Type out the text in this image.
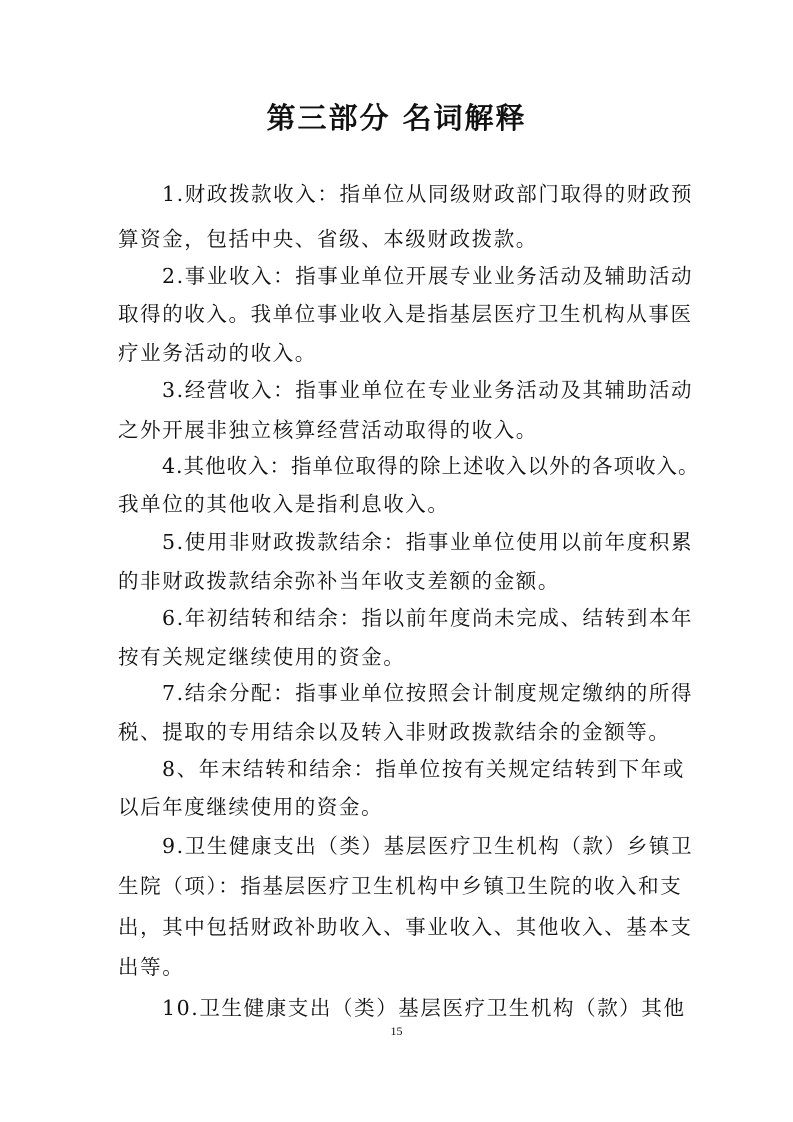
第三部分 名词解释
1.财政拨款收入：指单位从同级财政部门取得的财政预
算资金，包括中央、省级、本级财政拨款。
2.事业收入：指事业单位开展专业业务活动及辅助活动
取得的收入。我单位事业收入是指基层医疗卫生机构从事医
疗业务活动的收入。
3.经营收入：指事业单位在专业业务活动及其辅助活动
之外开展非独立核算经营活动取得的收入。
4.其他收入：指单位取得的除上述收入以外的各项收入。
我单位的其他收入是指利息收入。
5.使用非财政拨款结余：指事业单位使用以前年度积累
的非财政拨款结余弥补当年收支差额的金额。
6.年初结转和结余：指以前年度尚未完成、结转到本年
按有关规定继续使用的资金。
7.结余分配：指事业单位按照会计制度规定缴纳的所得
税、提取的专用结余以及转入非财政拨款结余的金额等。
8、年末结转和结余：指单位按有关规定结转到下年或
以后年度继续使用的资金。
9.卫生健康支出（类）基层医疗卫生机构（款）乡镇卫
生院（项）：指基层医疗卫生机构中乡镇卫生院的收入和支
出，其中包括财政补助收入、事业收入、其他收入、基本支
出等。
10.卫生健康支出（类）基层医疗卫生机构（款）其他
15
